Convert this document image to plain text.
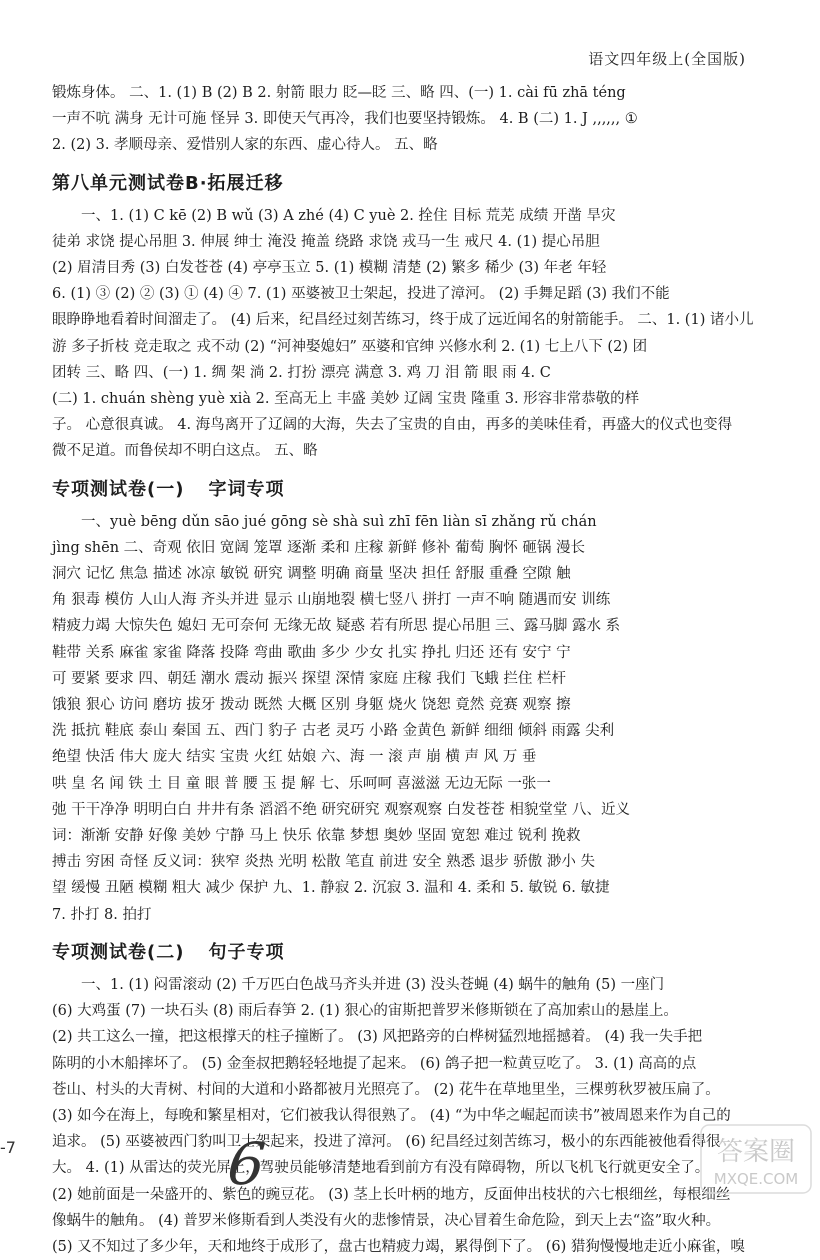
语文四年级上(全国版)

锻炼身体。 二、1. (1) B (2) B 2. 射箭 眼力 眨—眨 三、略 四、(一) 1. cài fū zhā téng

一声不吭 满身 无计可施 怪异 3. 即使天气再冷，我们也要坚持锻炼。 4. B (二) 1. J ,,,,,, ①

2. (2) 3. 孝顺母亲、爱惜别人家的东西、虚心待人。 五、略

第八单元测试卷B·拓展迁移

一、1. (1) C kē (2) B wǔ (3) A zhé (4) C yuè 2. 拴住 目标 荒芜 成绩 开凿 旱灾

徒弟 求饶 提心吊胆 3. 伸展 绅士 淹没 掩盖 绕路 求饶 戎马一生 戒尺 4. (1) 提心吊胆

(2) 眉清目秀 (3) 白发苍苍 (4) 亭亭玉立 5. (1) 模糊 清楚 (2) 繁多 稀少 (3) 年老 年轻

6. (1) ③ (2) ② (3) ① (4) ④ 7. (1) 巫婆被卫士架起，投进了漳河。 (2) 手舞足蹈 (3) 我们不能

眼睁睁地看着时间溜走了。 (4) 后来，纪昌经过刻苦练习，终于成了远近闻名的射箭能手。 二、1. (1) 诸小儿

游 多子折枝 竞走取之 戎不动 (2) “河神娶媳妇” 巫婆和官绅 兴修水利 2. (1) 七上八下 (2) 团

团转 三、略 四、(一) 1. 绸 架 淌 2. 打扮 漂亮 满意 3. 鸡 刀 泪 箭 眼 雨 4. C

(二) 1. chuán shèng yuè xià 2. 至高无上 丰盛 美妙 辽阔 宝贵 隆重 3. 形容非常恭敬的样

子。 心意很真诚。 4. 海鸟离开了辽阔的大海，失去了宝贵的自由，再多的美味佳肴，再盛大的仪式也变得

微不足道。而鲁侯却不明白这点。 五、略

专项测试卷(一) 字词专项

一、yuè bēng dǔn sāo jué gōng sè shà suì zhī fēn liàn sī zhǎng rǔ chán

jìng shēn 二、奇观 依旧 宽阔 笼罩 逐渐 柔和 庄稼 新鲜 修补 葡萄 胸怀 砸锅 漫长

洞穴 记忆 焦急 描述 冰凉 敏锐 研究 调整 明确 商量 坚决 担任 舒服 重叠 空隙 触

角 狠毒 模仿 人山人海 齐头并进 显示 山崩地裂 横七竖八 拼打 一声不响 随遇而安 训练

精疲力竭 大惊失色 媳妇 无可奈何 无缘无故 疑惑 若有所思 提心吊胆 三、露马脚 露水 系

鞋带 关系 麻雀 家雀 降落 投降 弯曲 歌曲 多少 少女 扎实 挣扎 归还 还有 安宁 宁

可 要紧 要求 四、朝廷 潮水 震动 振兴 探望 深情 家庭 庄稼 我们 飞蛾 拦住 栏杆

饿狼 狠心 访问 磨坊 拔牙 拨动 既然 大概 区别 身躯 烧火 饶恕 竟然 竞赛 观察 擦

洗 抵抗 鞋底 泰山 秦国 五、西门 豹子 古老 灵巧 小路 金黄色 新鲜 细细 倾斜 雨露 尖利

绝望 快活 伟大 庞大 结实 宝贵 火红 姑娘 六、海 一 滚 声 崩 横 声 风 万 垂

哄 皇 名 闻 铁 土 目 童 眼 普 腰 玉 提 解 七、乐呵呵 喜滋滋 无边无际 一张一

弛 干干净净 明明白白 井井有条 滔滔不绝 研究研究 观察观察 白发苍苍 相貌堂堂 八、近义

词：渐渐 安静 好像 美妙 宁静 马上 快乐 依靠 梦想 奥妙 坚固 宽恕 难过 锐利 挽救

搏击 穷困 奇怪 反义词：狭窄 炎热 光明 松散 笔直 前进 安全 熟悉 退步 骄傲 渺小 失

望 缓慢 丑陋 模糊 粗大 减少 保护 九、1. 静寂 2. 沉寂 3. 温和 4. 柔和 5. 敏锐 6. 敏捷

7. 扑打 8. 拍打

专项测试卷(二) 句子专项

一、1. (1) 闷雷滚动 (2) 千万匹白色战马齐头并进 (3) 没头苍蝇 (4) 蜗牛的触角 (5) 一座门

(6) 大鸡蛋 (7) 一块石头 (8) 雨后春笋 2. (1) 狠心的宙斯把普罗米修斯锁在了高加索山的悬崖上。

(2) 共工这么一撞，把这根撑天的柱子撞断了。 (3) 风把路旁的白桦树猛烈地摇撼着。 (4) 我一失手把

陈明的小木船摔坏了。 (5) 金奎叔把鹅轻轻地提了起来。 (6) 鸽子把一粒黄豆吃了。 3. (1) 高高的点

苍山、村头的大青树、村间的大道和小路都被月光照亮了。 (2) 花牛在草地里坐，三棵剪秋罗被压扁了。

(3) 如今在海上，每晚和繁星相对，它们被我认得很熟了。 (4) “为中华之崛起而读书”被周恩来作为自己的

追求。 (5) 巫婆被西门豹叫卫士架起来，投进了漳河。 (6) 纪昌经过刻苦练习，极小的东西能被他看得很

大。 4. (1) 从雷达的荧光屏上，驾驶员能够清楚地看到前方有没有障碍物，所以飞机飞行就更安全了。

(2) 她前面是一朵盛开的、紫色的豌豆花。 (3) 茎上长叶柄的地方，反面伸出枝状的六七根细丝，每根细丝

像蜗牛的触角。 (4) 普罗米修斯看到人类没有火的悲惨情景，决心冒着生命危险，到天上去“盗”取火种。

(5) 又不知过了多少年，天和地终于成形了，盘古也精疲力竭，累得倒下了。 (6) 猎狗慢慢地走近小麻雀，嗅

-7	6	答案圈
MXQE.COM
